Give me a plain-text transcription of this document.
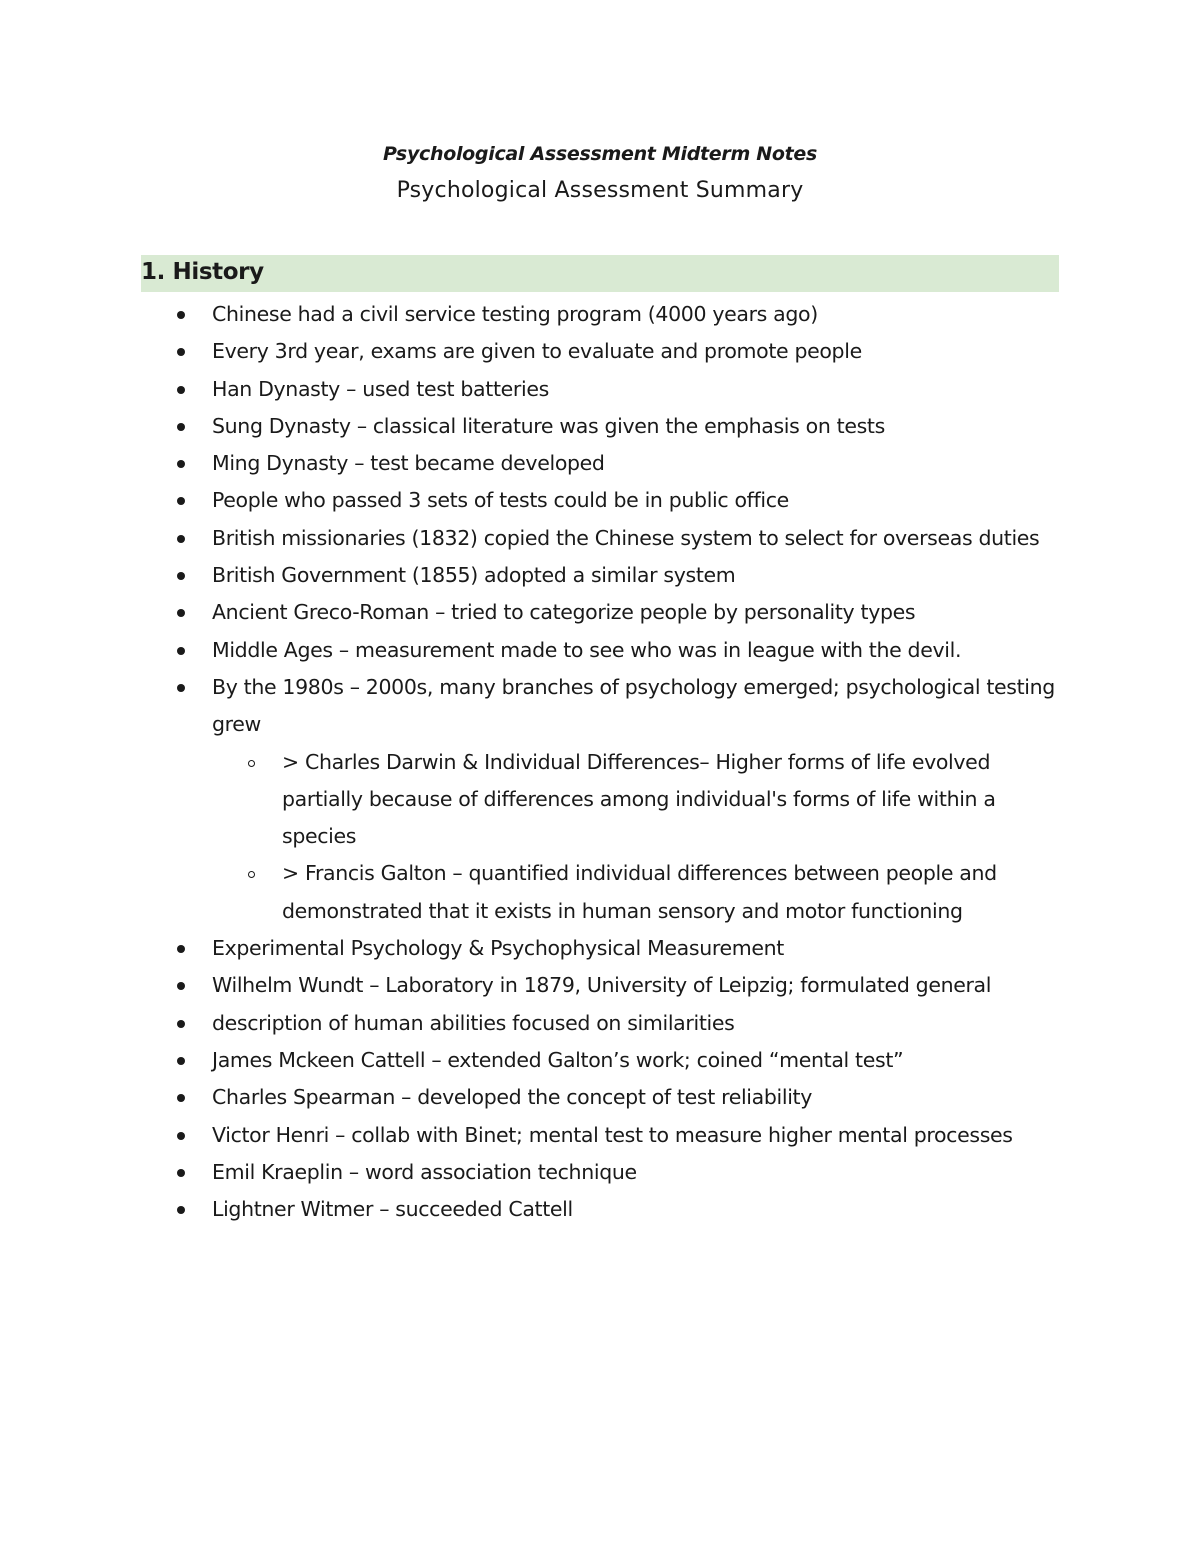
Psychological Assessment Midterm Notes
Psychological Assessment Summary
1. History
Chinese had a civil service testing program (4000 years ago)
Every 3rd year, exams are given to evaluate and promote people
Han Dynasty – used test batteries
Sung Dynasty – classical literature was given the emphasis on tests
Ming Dynasty – test became developed
People who passed 3 sets of tests could be in public office
British missionaries (1832) copied the Chinese system to select for overseas duties
British Government (1855) adopted a similar system
Ancient Greco-Roman – tried to categorize people by personality types
Middle Ages – measurement made to see who was in league with the devil.
By the 1980s – 2000s, many branches of psychology emerged; psychological testing grew
> Charles Darwin & Individual Differences– Higher forms of life evolved partially because of differences among individual's forms of life within a species
> Francis Galton – quantified individual differences between people and demonstrated that it exists in human sensory and motor functioning
Experimental Psychology & Psychophysical Measurement
Wilhelm Wundt – Laboratory in 1879, University of Leipzig; formulated general
description of human abilities focused on similarities
James Mckeen Cattell – extended Galton’s work; coined “mental test”
Charles Spearman – developed the concept of test reliability
Victor Henri – collab with Binet; mental test to measure higher mental processes
Emil Kraeplin – word association technique
Lightner Witmer – succeeded Cattell
